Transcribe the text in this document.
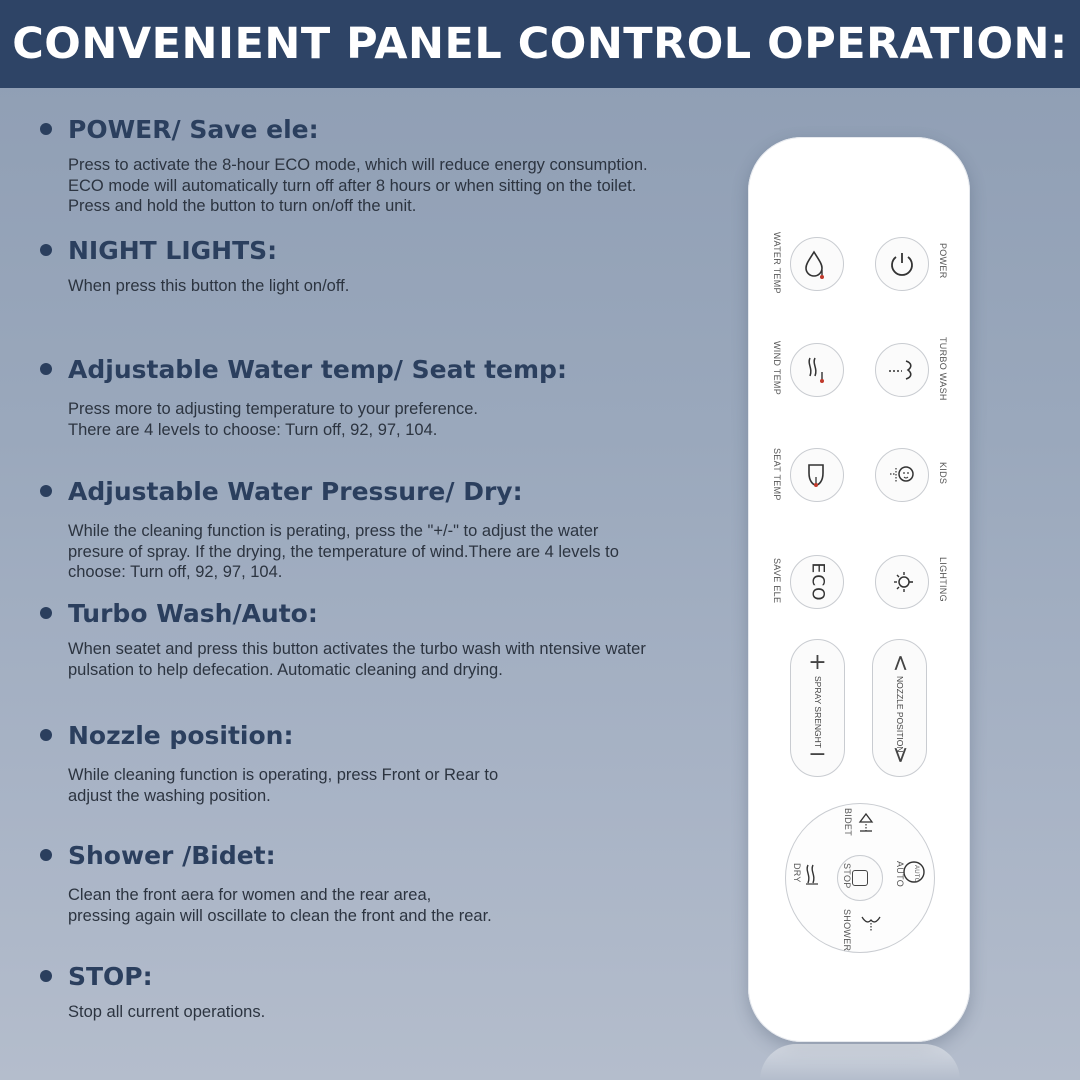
CONVENIENT PANEL CONTROL OPERATION:
POWER/ Save ele:
Press to activate the 8-hour ECO mode, which will reduce energy consumption.
ECO mode will automatically turn off after 8 hours or when sitting on the toilet.
Press and hold the button to turn on/off the unit.
NIGHT LIGHTS:
When press this button the light on/off.
Adjustable Water temp/ Seat temp:
Press more to adjusting temperature to your preference.
There are 4 levels to choose: Turn off, 92, 97, 104.
Adjustable Water Pressure/ Dry:
While the cleaning function is perating, press the "+/-" to adjust the water
presure of spray. If the drying, the temperature of wind.There are 4 levels to
choose: Turn off, 92, 97, 104.
Turbo Wash/Auto:
When seatet and press this button activates the turbo wash with ntensive water
pulsation to help defecation. Automatic cleaning and drying.
Nozzle position:
While cleaning function is operating, press Front or Rear to
adjust the washing position.
Shower /Bidet:
Clean the front aera for women and the rear area,
pressing again will oscillate to clean the front and the rear.
STOP:
Stop all current operations.
WATER TEMP	POWER
WIND TEMP	TURBO WASH
SEAT TEMP	KIDS
SAVE ELE ECO	LIGHTING
+
SPRAY SRENGHT
−
<
NOZZLE POSITION
>
BIDET
AUTO
AUTO
DRY	STOP
SHOWER
